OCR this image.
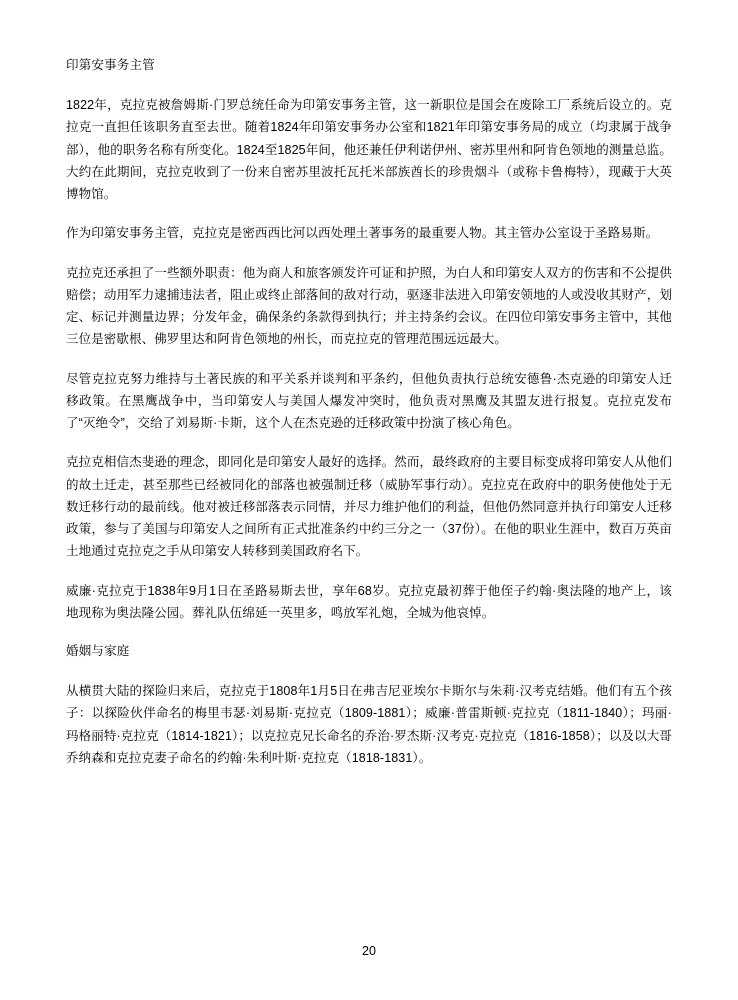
印第安事务主管

1822年，克拉克被詹姆斯·门罗总统任命为印第安事务主管，这一新职位是国会在废除工厂系统后设立的。克拉克一直担任该职务直至去世。随着1824年印第安事务办公室和1821年印第安事务局的成立（均隶属于战争部），他的职务名称有所变化。1824至1825年间，他还兼任伊利诺伊州、密苏里州和阿肯色领地的测量总监。大约在此期间，克拉克收到了一份来自密苏里波托瓦托米部族酋长的珍贵烟斗（或称卡鲁梅特），现藏于大英博物馆。

作为印第安事务主管，克拉克是密西西比河以西处理土著事务的最重要人物。其主管办公室设于圣路易斯。

克拉克还承担了一些额外职责：他为商人和旅客颁发许可证和护照，为白人和印第安人双方的伤害和不公提供赔偿；动用军力逮捕违法者，阻止或终止部落间的敌对行动，驱逐非法进入印第安领地的人或没收其财产，划定、标记并测量边界；分发年金，确保条约条款得到执行；并主持条约会议。在四位印第安事务主管中，其他三位是密歇根、佛罗里达和阿肯色领地的州长，而克拉克的管理范围远远最大。

尽管克拉克努力维持与土著民族的和平关系并谈判和平条约，但他负责执行总统安德鲁·杰克逊的印第安人迁移政策。在黑鹰战争中，当印第安人与美国人爆发冲突时，他负责对黑鹰及其盟友进行报复。克拉克发布了“灭绝令”，交给了刘易斯·卡斯，这个人在杰克逊的迁移政策中扮演了核心角色。

克拉克相信杰斐逊的理念，即同化是印第安人最好的选择。然而，最终政府的主要目标变成将印第安人从他们的故土迁走，甚至那些已经被同化的部落也被强制迁移（威胁军事行动）。克拉克在政府中的职务使他处于无数迁移行动的最前线。他对被迁移部落表示同情，并尽力维护他们的利益，但他仍然同意并执行印第安人迁移政策，参与了美国与印第安人之间所有正式批准条约中约三分之一（37份）。在他的职业生涯中，数百万英亩土地通过克拉克之手从印第安人转移到美国政府名下。

威廉·克拉克于1838年9月1日在圣路易斯去世，享年68岁。克拉克最初葬于他侄子约翰·奥法隆的地产上，该地现称为奥法隆公园。葬礼队伍绵延一英里多，鸣放军礼炮，全城为他哀悼。

婚姻与家庭

从横贯大陆的探险归来后，克拉克于1808年1月5日在弗吉尼亚埃尔卡斯尔与朱莉·汉考克结婚。他们有五个孩子：以探险伙伴命名的梅里韦瑟·刘易斯·克拉克（1809-1881）；威廉·普雷斯顿·克拉克（1811-1840）；玛丽·玛格丽特·克拉克（1814-1821）；以克拉克兄长命名的乔治·罗杰斯·汉考克·克拉克（1816-1858）；以及以大哥乔纳森和克拉克妻子命名的约翰·朱利叶斯·克拉克（1818-1831）。

20
